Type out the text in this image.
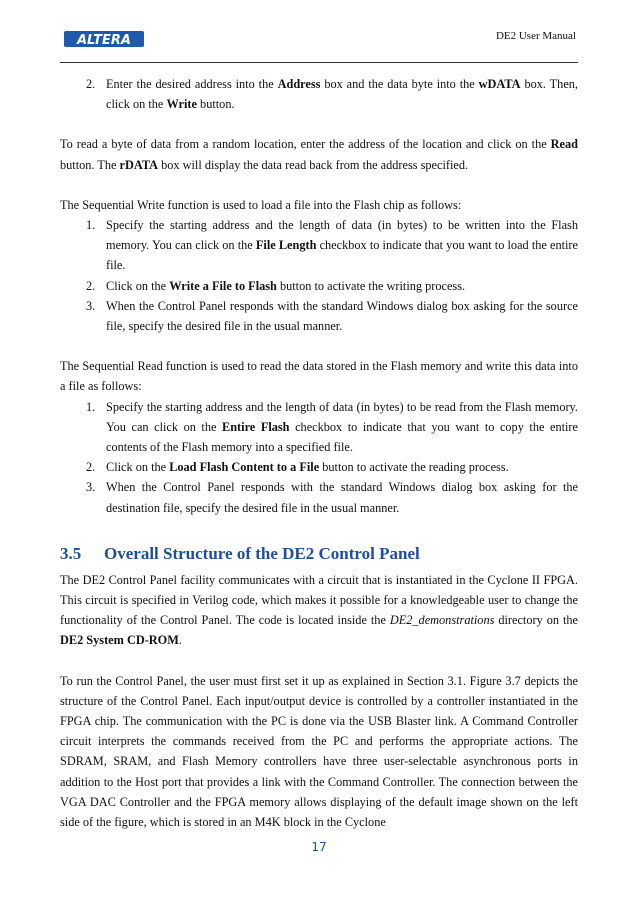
ALTERA	DE2 User Manual
2. Enter the desired address into the Address box and the data byte into the wDATA box. Then, click on the Write button.

To read a byte of data from a random location, enter the address of the location and click on the Read button. The rDATA box will display the data read back from the address specified.

The Sequential Write function is used to load a file into the Flash chip as follows:

1. Specify the starting address and the length of data (in bytes) to be written into the Flash memory. You can click on the File Length checkbox to indicate that you want to load the entire file.
2. Click on the Write a File to Flash button to activate the writing process.
3. When the Control Panel responds with the standard Windows dialog box asking for the source file, specify the desired file in the usual manner.

The Sequential Read function is used to read the data stored in the Flash memory and write this data into a file as follows:

1. Specify the starting address and the length of data (in bytes) to be read from the Flash memory. You can click on the Entire Flash checkbox to indicate that you want to copy the entire contents of the Flash memory into a specified file.
2. Click on the Load Flash Content to a File button to activate the reading process.
3. When the Control Panel responds with the standard Windows dialog box asking for the destination file, specify the desired file in the usual manner.
3.5 Overall Structure of the DE2 Control Panel

The DE2 Control Panel facility communicates with a circuit that is instantiated in the Cyclone II FPGA. This circuit is specified in Verilog code, which makes it possible for a knowledgeable user to change the functionality of the Control Panel. The code is located inside the DE2_demonstrations directory on the DE2 System CD-ROM.

To run the Control Panel, the user must first set it up as explained in Section 3.1. Figure 3.7 depicts the structure of the Control Panel. Each input/output device is controlled by a controller instantiated in the FPGA chip. The communication with the PC is done via the USB Blaster link. A Command Controller circuit interprets the commands received from the PC and performs the appropriate actions. The SDRAM, SRAM, and Flash Memory controllers have three user-selectable asynchronous ports in addition to the Host port that provides a link with the Command Controller. The connection between the VGA DAC Controller and the FPGA memory allows displaying of the default image shown on the left side of the figure, which is stored in an M4K block in the Cyclone

17
